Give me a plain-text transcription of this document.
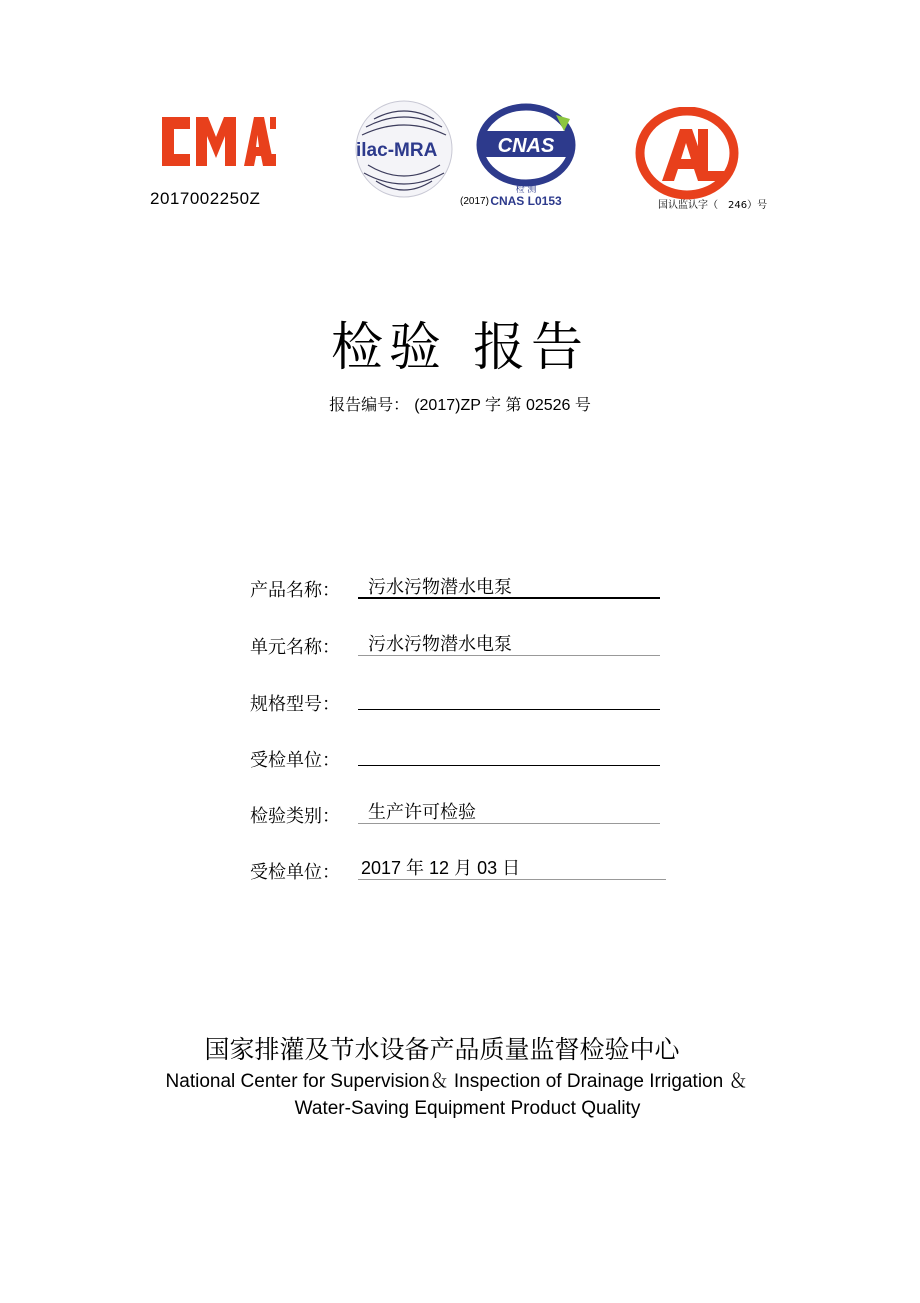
ilac-MRA	CNAS
检 测
CNAS L0153
2017002250Z	(2017)	国认监认字（　246）号
检验 报告
报告编号： (2017)ZP 字 第 02526 号
产品名称：	污水污物潜水电泵
单元名称：	污水污物潜水电泵
规格型号：
受检单位：
检验类别：	生产许可检验
受检单位： 2017 年 12 月 03 日
国家排灌及节水设备产品质量监督检验中心
National Center for Supervision＆ Inspection of Drainage Irrigation ＆
Water-Saving Equipment Product Quality
